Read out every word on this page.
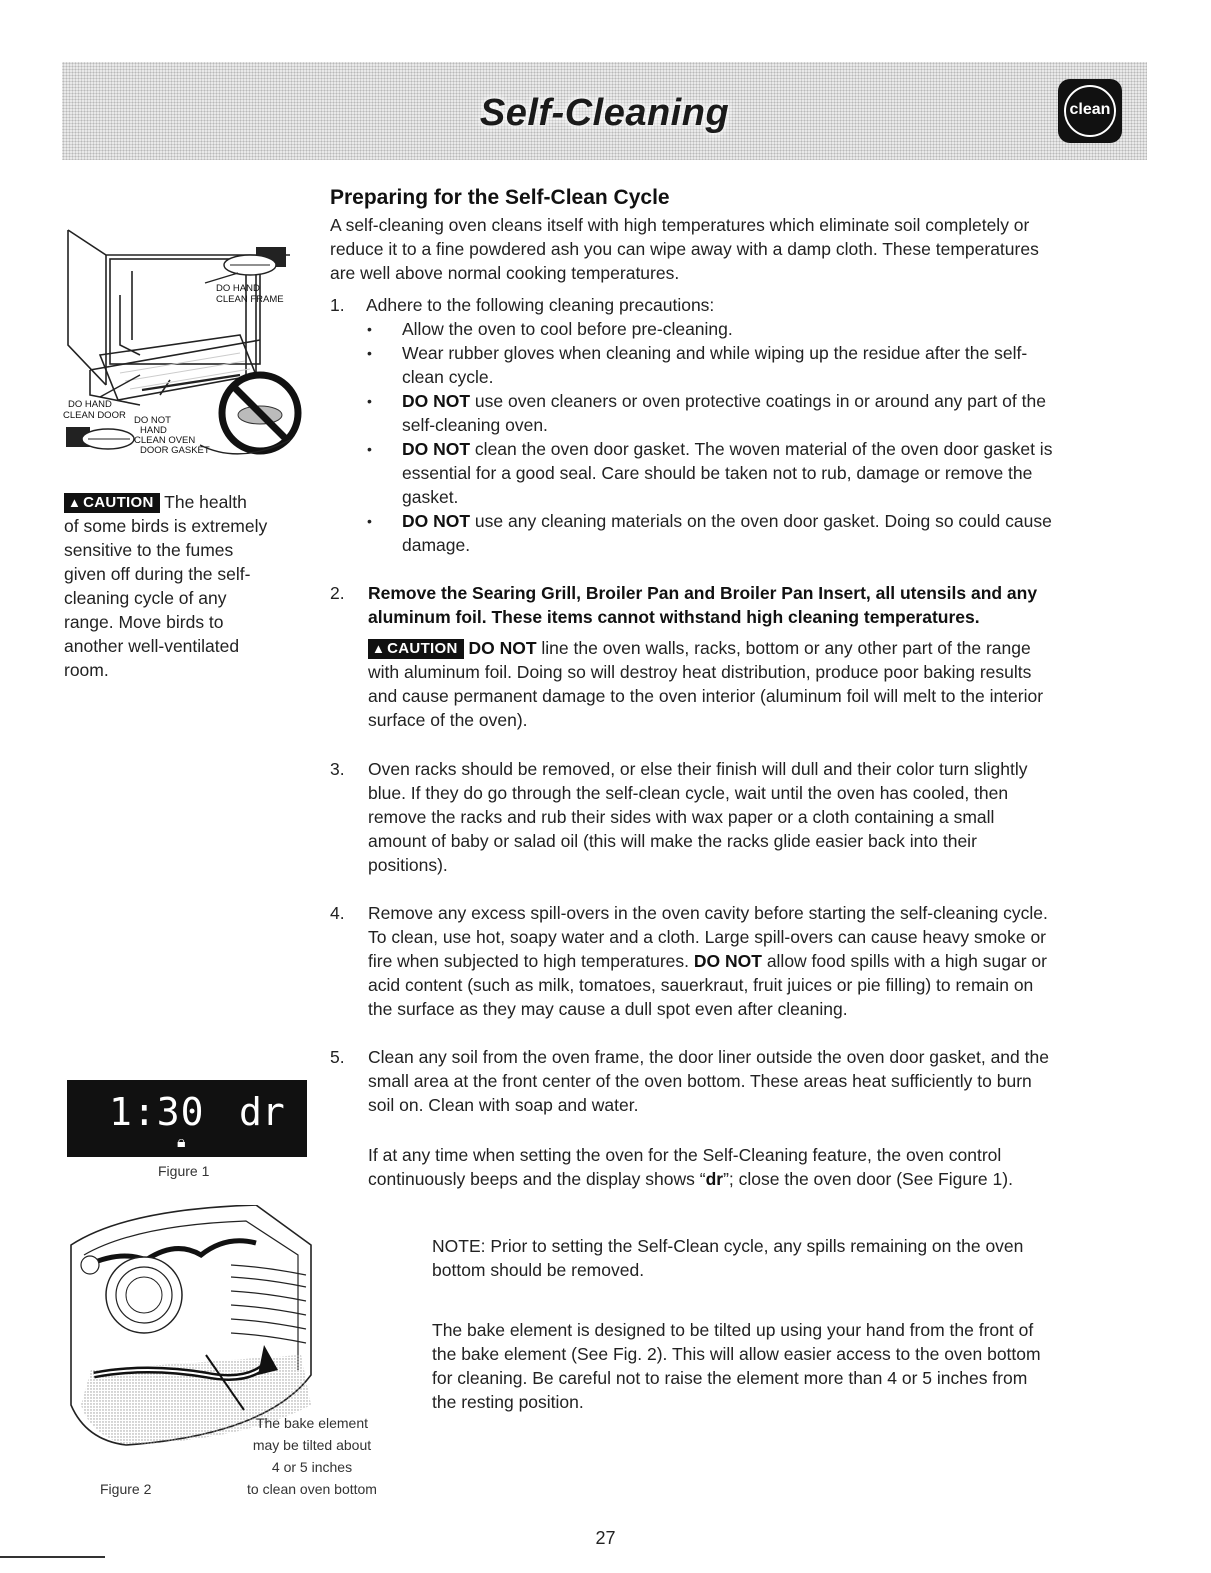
Self-Cleaning	clean
DO HAND
CLEAN FRAME
DO HAND
CLEAN DOOR DO NOT
HAND
CLEAN OVEN
DOOR GASKET
▲ CAUTION The health
of some birds is extremely
sensitive to the fumes
given off during the self-
cleaning cycle of any
range. Move birds to
another well-ventilated
room.
1:30 dr
🔒︎
Figure 1
The bake element
may be tilted about
4 or 5 inches
to clean oven bottom
Figure 2
Preparing for the Self-Clean Cycle
A self-cleaning oven cleans itself with high temperatures which eliminate soil completely or
reduce it to a fine powdered ash you can wipe away with a damp cloth. These temperatures
are well above normal cooking temperatures.
1. Adhere to the following cleaning precautions:
• Allow the oven to cool before pre-cleaning.
• Wear rubber gloves when cleaning and while wiping up the residue after the self-
clean cycle.
• DO NOT use oven cleaners or oven protective coatings in or around any part of the
self-cleaning oven.
• DO NOT clean the oven door gasket. The woven material of the oven door gasket is
essential for a good seal. Care should be taken not to rub, damage or remove the
gasket.
• DO NOT use any cleaning materials on the oven door gasket. Doing so could cause
damage.
2. Remove the Searing Grill, Broiler Pan and Broiler Pan Insert, all utensils and any
aluminum foil. These items cannot withstand high cleaning temperatures.
▲ CAUTION DO NOT line the oven walls, racks, bottom or any other part of the range
with aluminum foil. Doing so will destroy heat distribution, produce poor baking results
and cause permanent damage to the oven interior (aluminum foil will melt to the interior
surface of the oven).
3. Oven racks should be removed, or else their finish will dull and their color turn slightly
blue. If they do go through the self-clean cycle, wait until the oven has cooled, then
remove the racks and rub their sides with wax paper or a cloth containing a small
amount of baby or salad oil (this will make the racks glide easier back into their
positions).
4. Remove any excess spill-overs in the oven cavity before starting the self-cleaning cycle.
To clean, use hot, soapy water and a cloth. Large spill-overs can cause heavy smoke or
fire when subjected to high temperatures. DO NOT allow food spills with a high sugar or
acid content (such as milk, tomatoes, sauerkraut, fruit juices or pie filling) to remain on
the surface as they may cause a dull spot even after cleaning.
5. Clean any soil from the oven frame, the door liner outside the oven door gasket, and the
small area at the front center of the oven bottom. These areas heat sufficiently to burn
soil on. Clean with soap and water.
If at any time when setting the oven for the Self-Cleaning feature, the oven control
continuously beeps and the display shows “dr”; close the oven door (See Figure 1).
NOTE: Prior to setting the Self-Clean cycle, any spills remaining on the oven
bottom should be removed.
The bake element is designed to be tilted up using your hand from the front of
the bake element (See Fig. 2). This will allow easier access to the oven bottom
for cleaning. Be careful not to raise the element more than 4 or 5 inches from
the resting position.
27
